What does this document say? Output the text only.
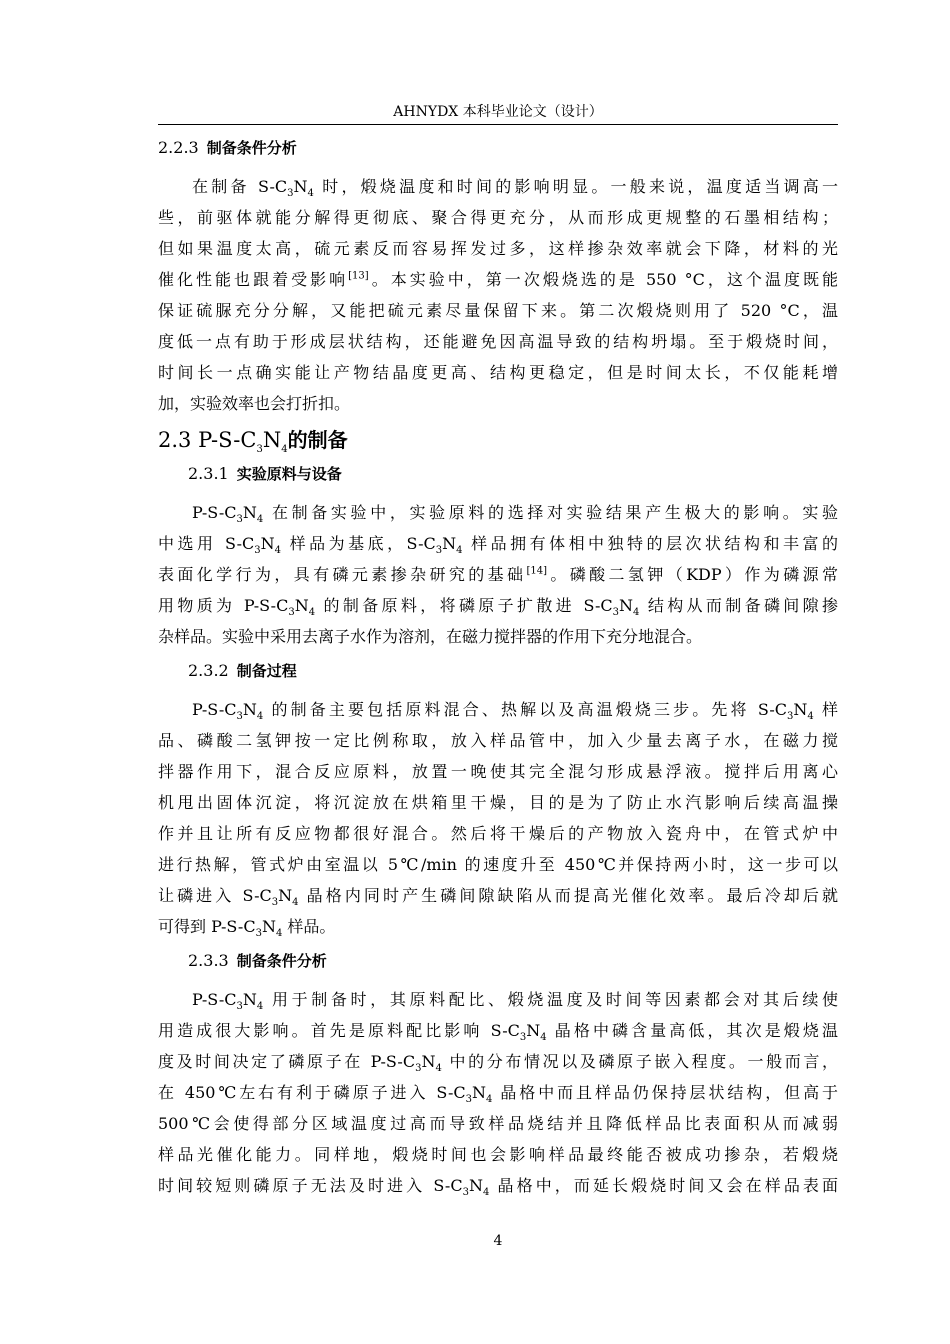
AHNYDX 本科毕业论文（设计）
2.2.3 制备条件分析
在制备 $S-C_3N_4$ 时，煅烧温度和时间的影响明显。一般来说，温度适当调高一
些，前驱体就能分解得更彻底、聚合得更充分，从而形成更规整的石墨相结构；
但如果温度太高，硫元素反而容易挥发过多，这样掺杂效率就会下降，材料的光
催化性能也跟着受影响[13]。本实验中，第一次煅烧选的是 550 °C，这个温度既能
保证硫脲充分分解，又能把硫元素尽量保留下来。第二次煅烧则用了 520 °C，温
度低一点有助于形成层状结构，还能避免因高温导致的结构坍塌。至于煅烧时间，
时间长一点确实能让产物结晶度更高、结构更稳定，但是时间太长，不仅能耗增
加，实验效率也会打折扣。
2.3 $P-S-C_3N_4$的制备
2.3.1 实验原料与设备
$P-S-C_3N_4$ 在制备实验中，实验原料的选择对实验结果产生极大的影响。实验
中选用 $S-C_3N_4$ 样品为基底，$S-C_3N_4$ 样品拥有体相中独特的层次状结构和丰富的
表面化学行为，具有磷元素掺杂研究的基础[14]。磷酸二氢钾（KDP）作为磷源常
用物质为 $P-S-C_3N_4$ 的制备原料，将磷原子扩散进 $S-C_3N_4$ 结构从而制备磷间隙掺
杂样品。实验中采用去离子水作为溶剂，在磁力搅拌器的作用下充分地混合。
2.3.2 制备过程
$P-S-C_3N_4$ 的制备主要包括原料混合、热解以及高温煅烧三步。先将 $S-C_3N_4$ 样
品、磷酸二氢钾按一定比例称取，放入样品管中，加入少量去离子水，在磁力搅
拌器作用下，混合反应原料，放置一晚使其完全混匀形成悬浮液。搅拌后用离心
机甩出固体沉淀，将沉淀放在烘箱里干燥，目的是为了防止水汽影响后续高温操
作并且让所有反应物都很好混合。然后将干燥后的产物放入瓷舟中，在管式炉中
进行热解，管式炉由室温以 5℃/min 的速度升至 450℃并保持两小时，这一步可以
让磷进入 $S-C_3N_4$ 晶格内同时产生磷间隙缺陷从而提高光催化效率。最后冷却后就
可得到 $P-S-C_3N_4$ 样品。
2.3.3 制备条件分析
$P-S-C_3N_4$ 用于制备时，其原料配比、煅烧温度及时间等因素都会对其后续使
用造成很大影响。首先是原料配比影响 $S-C_3N_4$ 晶格中磷含量高低，其次是煅烧温
度及时间决定了磷原子在 $P-S-C_3N_4$ 中的分布情况以及磷原子嵌入程度。一般而言，
在 450℃左右有利于磷原子进入 $S-C_3N_4$ 晶格中而且样品仍保持层状结构，但高于
500℃会使得部分区域温度过高而导致样品烧结并且降低样品比表面积从而减弱
样品光催化能力。同样地，煅烧时间也会影响样品最终能否被成功掺杂，若煅烧
时间较短则磷原子无法及时进入 $S-C_3N_4$ 晶格中，而延长煅烧时间又会在样品表面
4
